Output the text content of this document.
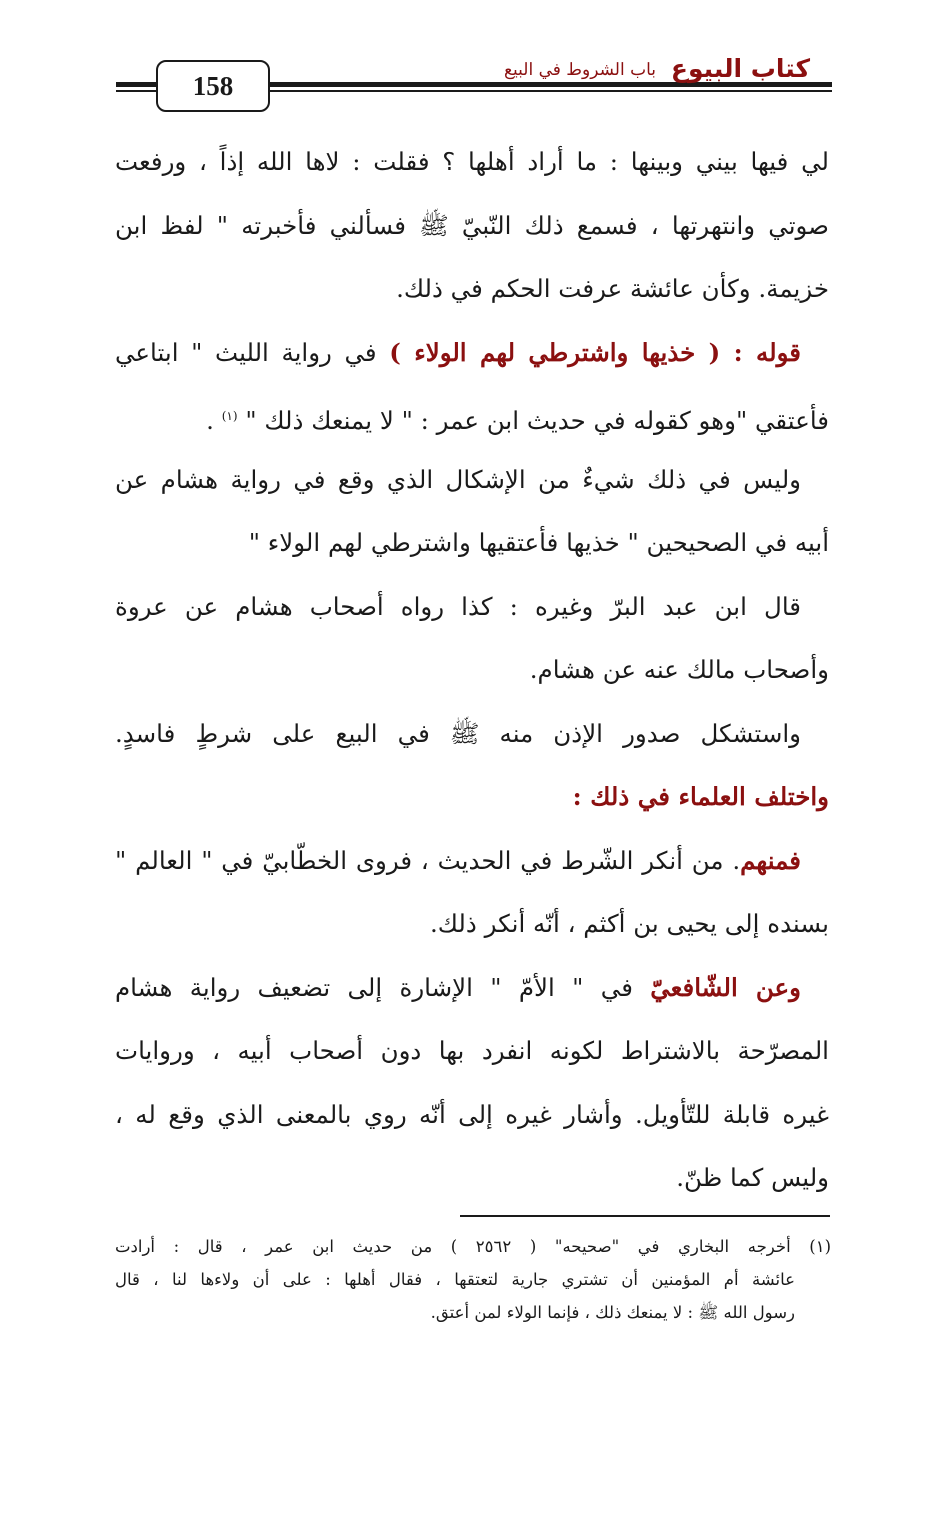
كتاب البيوع
باب الشروط في البيع
158
لي فيها بيني وبينها : ما أراد أهلها ؟ فقلت : لاها الله إذاً ، ورفعت
صوتي وانتهرتها ، فسمع ذلك النّبيّ ﷺ فسألني فأخبرته " لفظ ابن
خزيمة. وكأن عائشة عرفت الحكم في ذلك.
قوله : ( خذيها واشترطي لهم الولاء ) في رواية الليث " ابتاعي
فأعتقي "وهو كقوله في حديث ابن عمر : " لا يمنعك ذلك " $^{(١)}$ .
وليس في ذلك شيءٌ من الإشكال الذي وقع في رواية هشام عن
أبيه في الصحيحين " خذيها فأعتقيها واشترطي لهم الولاء "
قال ابن عبد البرّ وغيره : كذا رواه أصحاب هشام عن عروة
وأصحاب مالك عنه عن هشام.
واستشكل صدور الإذن منه ﷺ في البيع على شرطٍ فاسدٍ.
واختلف العلماء في ذلك :
فمنهم. من أنكر الشّرط في الحديث ، فروى الخطّابيّ في " العالم "
بسنده إلى يحيى بن أكثم ، أنّه أنكر ذلك.
وعن الشّافعيّ في " الأمّ " الإشارة إلى تضعيف رواية هشام
المصرّحة بالاشتراط لكونه انفرد بها دون أصحاب أبيه ، وروايات
غيره قابلة للتّأويل. وأشار غيره إلى أنّه روي بالمعنى الذي وقع له ،
وليس كما ظنّ.
(١) أخرجه البخاري في "صحيحه" ( ٢٥٦٢ ) من حديث ابن عمر ، قال : أرادت
عائشة أم المؤمنين أن تشتري جارية لتعتقها ، فقال أهلها : على أن ولاءها لنا ، قال
رسول الله ﷺ : لا يمنعك ذلك ، فإنما الولاء لمن أعتق.
